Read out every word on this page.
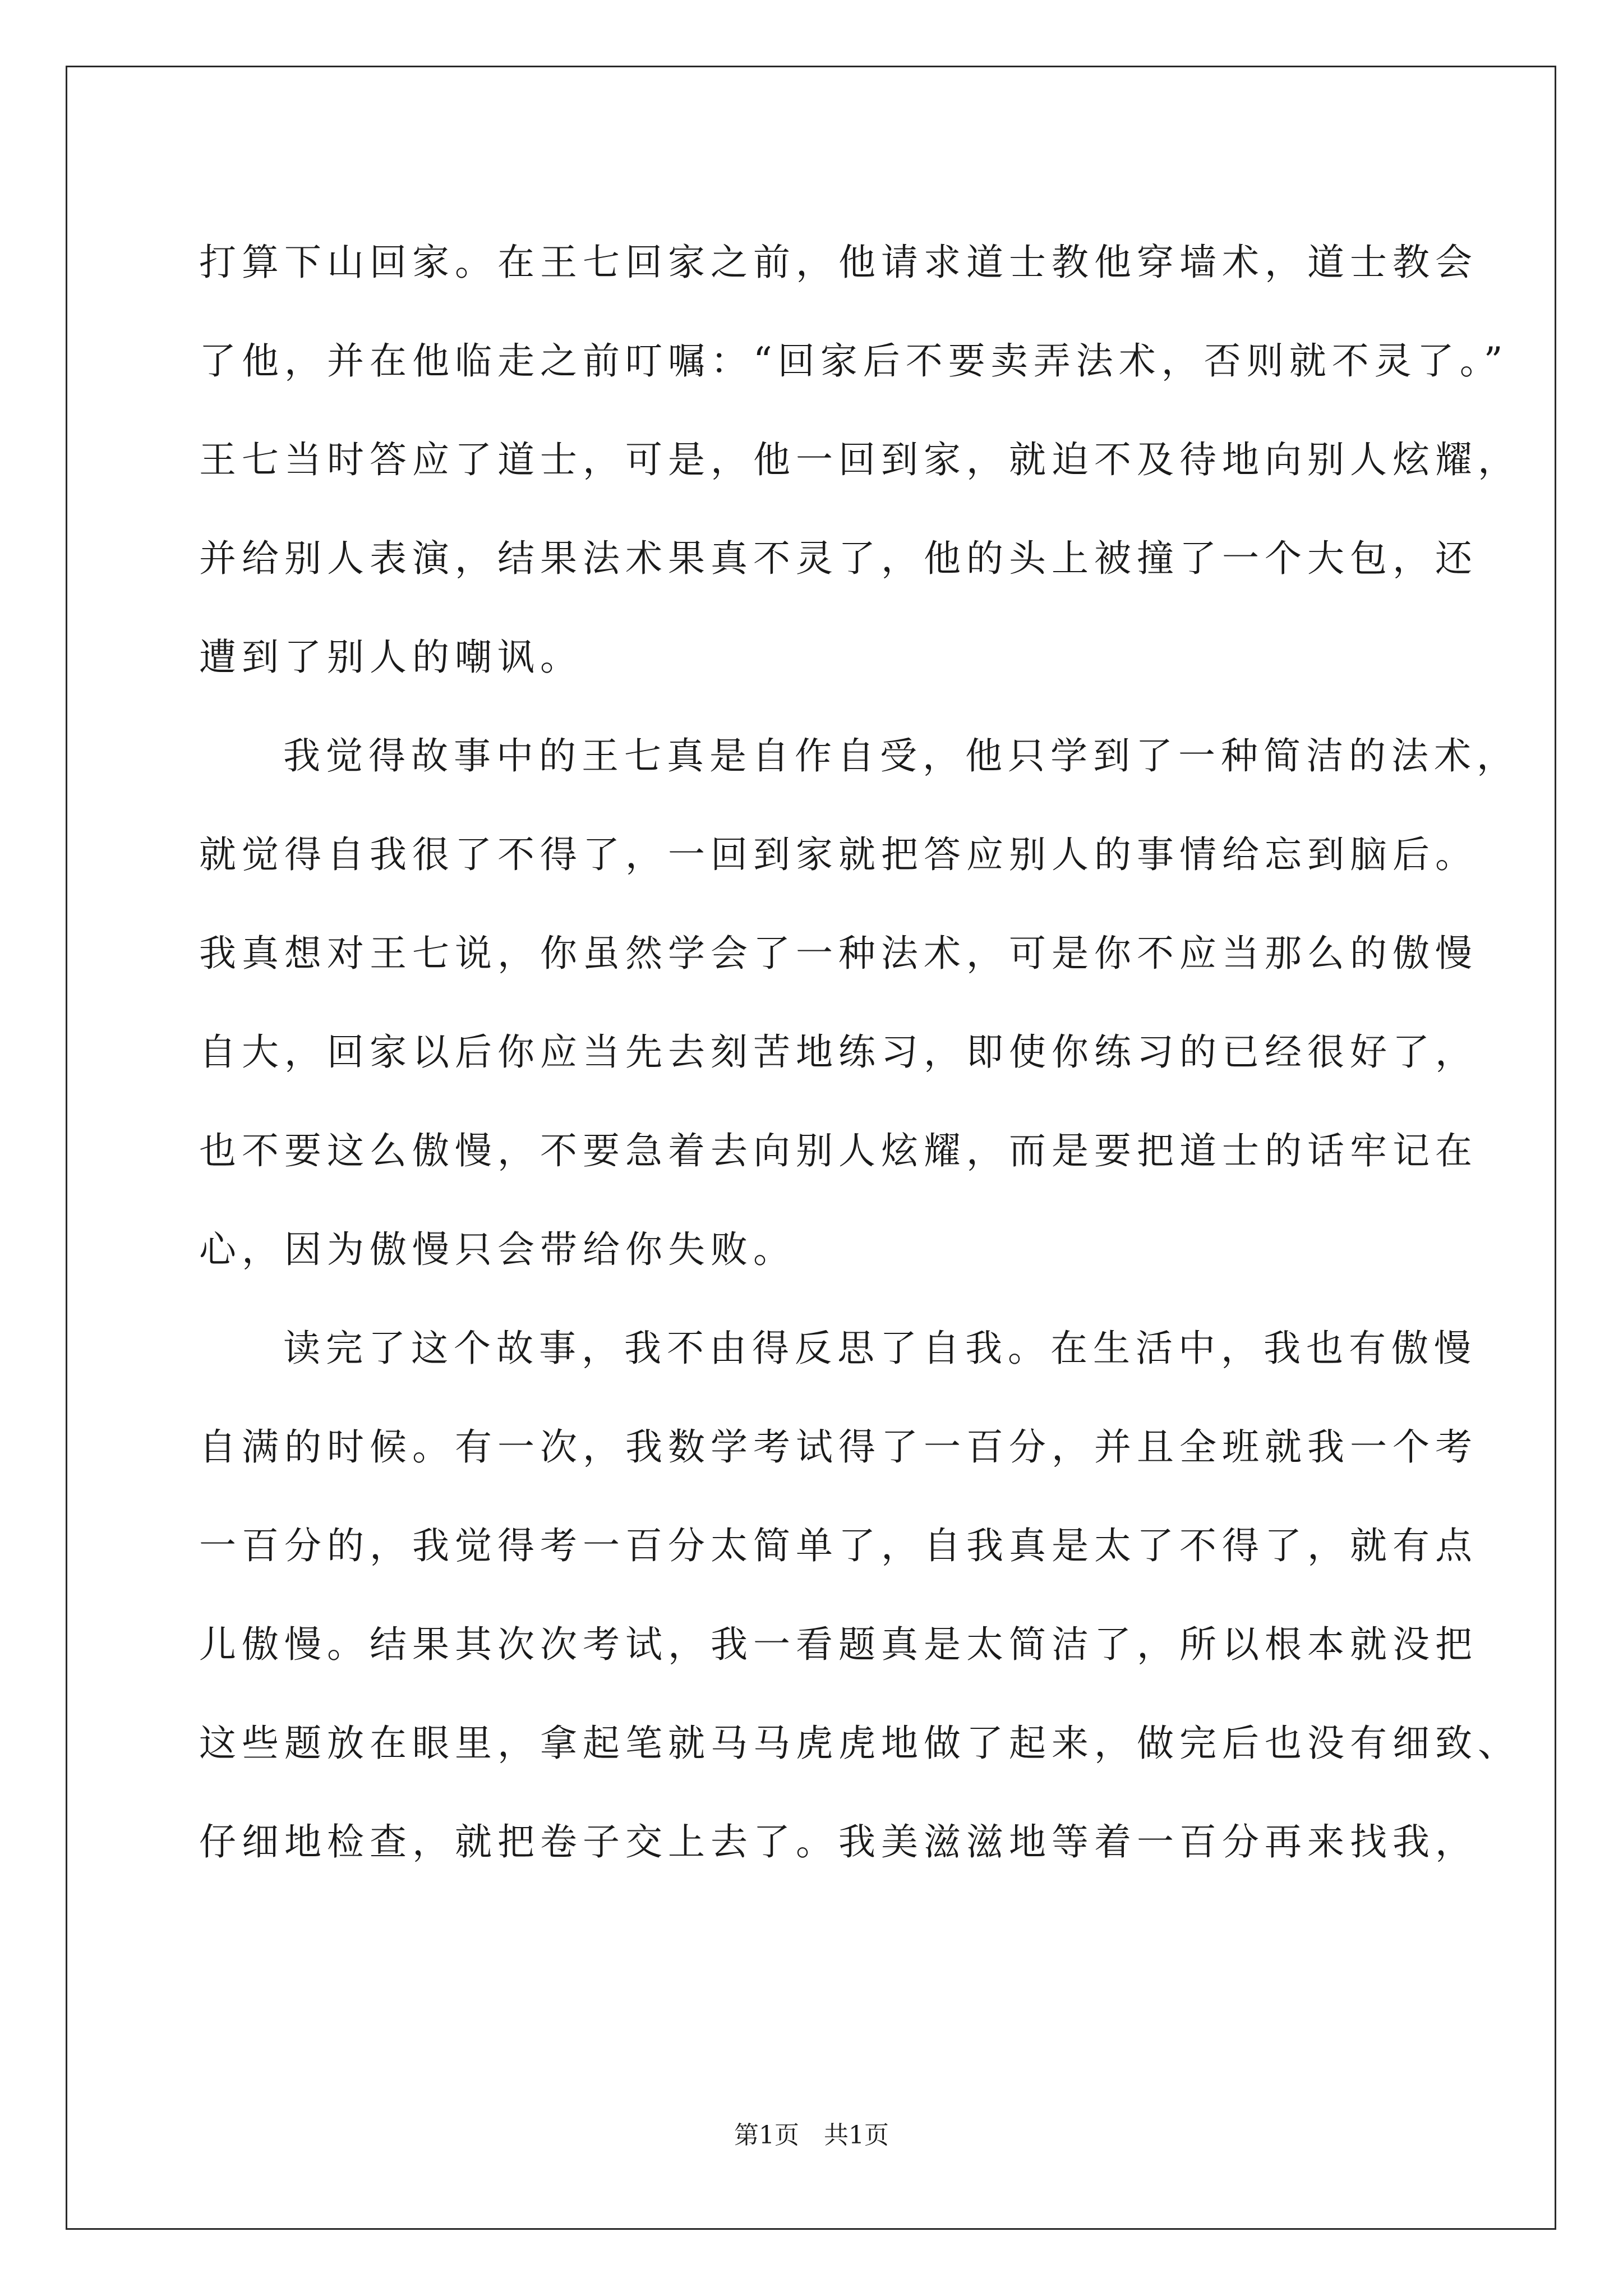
打算下山回家。在王七回家之前，他请求道士教他穿墙术，道士教会
了他，并在他临走之前叮嘱：“回家后不要卖弄法术，否则就不灵了。”
王七当时答应了道士，可是，他一回到家，就迫不及待地向别人炫耀，
并给别人表演，结果法术果真不灵了，他的头上被撞了一个大包，还
遭到了别人的嘲讽。
我觉得故事中的王七真是自作自受，他只学到了一种简洁的法术，
就觉得自我很了不得了，一回到家就把答应别人的事情给忘到脑后。
我真想对王七说，你虽然学会了一种法术，可是你不应当那么的傲慢
自大，回家以后你应当先去刻苦地练习，即使你练习的已经很好了，
也不要这么傲慢，不要急着去向别人炫耀，而是要把道士的话牢记在
心，因为傲慢只会带给你失败。
读完了这个故事，我不由得反思了自我。在生活中，我也有傲慢
自满的时候。有一次，我数学考试得了一百分，并且全班就我一个考
一百分的，我觉得考一百分太简单了，自我真是太了不得了，就有点
儿傲慢。结果其次次考试，我一看题真是太简洁了，所以根本就没把
这些题放在眼里，拿起笔就马马虎虎地做了起来，做完后也没有细致、
仔细地检查，就把卷子交上去了。我美滋滋地等着一百分再来找我，
第1页　共1页
